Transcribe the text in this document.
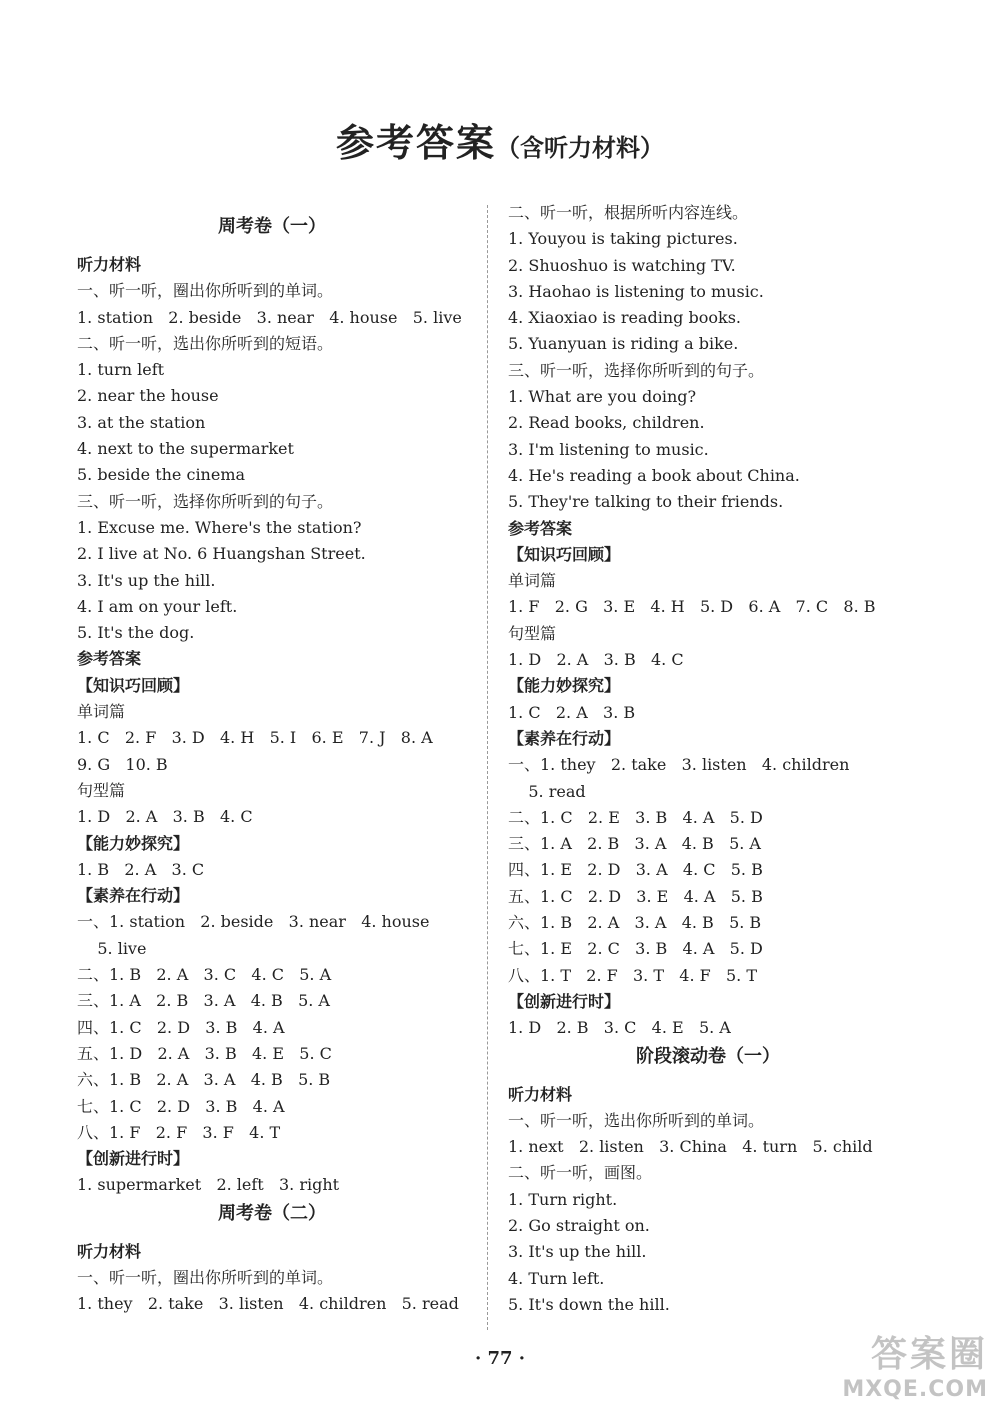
参考答案（含听力材料）
周考卷（一）
听力材料
一、听一听，圈出你所听到的单词。
1. station   2. beside   3. near   4. house   5. live
二、听一听，选出你所听到的短语。
1. turn left
2. near the house
3. at the station
4. next to the supermarket
5. beside the cinema
三、听一听，选择你所听到的句子。
1. Excuse me. Where's the station?
2. I live at No. 6 Huangshan Street.
3. It's up the hill.
4. I am on your left.
5. It's the dog.
参考答案
【知识巧回顾】
单词篇
1. C   2. F   3. D   4. H   5. I   6. E   7. J   8. A
9. G   10. B
句型篇
1. D   2. A   3. B   4. C
【能力妙探究】
1. B   2. A   3. C
【素养在行动】
一、1. station   2. beside   3. near   4. house
5. live
二、1. B   2. A   3. C   4. C   5. A
三、1. A   2. B   3. A   4. B   5. A
四、1. C   2. D   3. B   4. A
五、1. D   2. A   3. B   4. E   5. C
六、1. B   2. A   3. A   4. B   5. B
七、1. C   2. D   3. B   4. A
八、1. F   2. F   3. F   4. T
【创新进行时】
1. supermarket   2. left   3. right
周考卷（二）
听力材料
一、听一听，圈出你所听到的单词。
1. they   2. take   3. listen   4. children   5. read
二、听一听，根据所听内容连线。
1. Youyou is taking pictures.
2. Shuoshuo is watching TV.
3. Haohao is listening to music.
4. Xiaoxiao is reading books.
5. Yuanyuan is riding a bike.
三、听一听，选择你所听到的句子。
1. What are you doing?
2. Read books, children.
3. I'm listening to music.
4. He's reading a book about China.
5. They're talking to their friends.
参考答案
【知识巧回顾】
单词篇
1. F   2. G   3. E   4. H   5. D   6. A   7. C   8. B
句型篇
1. D   2. A   3. B   4. C
【能力妙探究】
1. C   2. A   3. B
【素养在行动】
一、1. they   2. take   3. listen   4. children
5. read
二、1. C   2. E   3. B   4. A   5. D
三、1. A   2. B   3. A   4. B   5. A
四、1. E   2. D   3. A   4. C   5. B
五、1. C   2. D   3. E   4. A   5. B
六、1. B   2. A   3. A   4. B   5. B
七、1. E   2. C   3. B   4. A   5. D
八、1. T   2. F   3. T   4. F   5. T
【创新进行时】
1. D   2. B   3. C   4. E   5. A
阶段滚动卷（一）
听力材料
一、听一听，选出你所听到的单词。
1. next   2. listen   3. China   4. turn   5. child
二、听一听，画图。
1. Turn right.
2. Go straight on.
3. It's up the hill.
4. Turn left.
5. It's down the hill.
· 77 ·	答案圈
MXQE.COM
